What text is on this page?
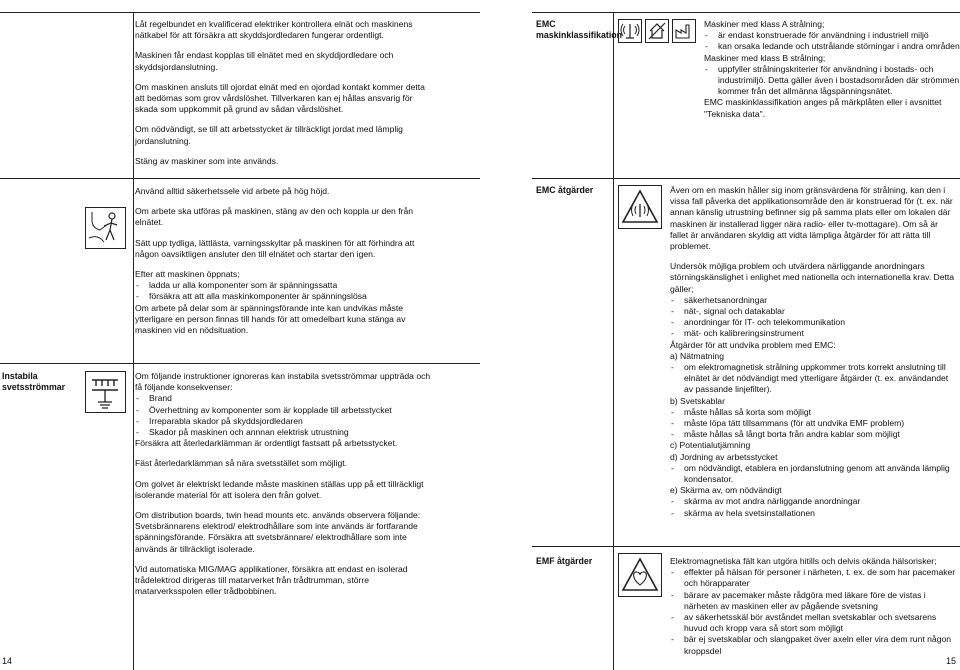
Låt regelbundet en kvalificerad elektriker kontrollera elnät och maskinens nätkabel för att försäkra att skyddsjordledaren fungerar ordentligt.

Maskinen får endast kopplas till elnätet med en skyddjordledare och skyddsjordanslutning.

Om maskinen ansluts till ojordat elnät med en ojordad kontakt kommer detta att bedömas som grov vårdslöshet. Tillverkaren kan ej hållas ansvarig för skada som uppkommit på grund av sådan vårdslöshet.

Om nödvändigt, se till att arbetsstycket är tillräckligt jordat med lämplig jordanslutning.

Stäng av maskiner som inte används.

Använd alltid säkerhetssele vid arbete på hög höjd.

Om arbete ska utföras på maskinen, stäng av den och koppla ur den från elnätet.

Sätt upp tydliga, lättlästa, varningsskyltar på maskinen för att förhindra att någon oavsiktligen ansluter den till elnätet och startar den igen.

Efter att maskinen öppnats;

- ladda ur alla komponenter som är spänningssatta
- försäkra att att alla maskinkomponenter är spänningslösa

Om arbete på delar som är spänningsförande inte kan undvikas måste ytterligare en person finnas till hands för att omedelbart kuna stänga av maskinen vid en nödsituation.

Instabila svetsströmmar

Om följande instruktioner ignoreras kan instabila svetsströmmar uppträda och få följande konsekvenser:

- Brand
- Överhettning av komponenter som är kopplade till arbetsstycket
- Irreparabla skador på skyddsjordledaren
- Skador på maskinen och annnan elektrisk utrustning

Försäkra att återledarklämman är ordentligt fastsatt på arbetsstycket.

Fäst återledarklämman så nära svetsstället som möjligt.

Om golvet är elektriskt ledande måste maskinen ställas upp på ett tillräckligt isolerande material för att isolera den från golvet.

Om distribution boards, twin head mounts etc. används observera följande: Svetsbrännarens elektrod/ elektrodhållare som inte används är fortfarande spänningsförande. Försäkra att svetsbrännare/ elektrodhållare som inte används är tillräckligt isolerade.

Vid automatiska MIG/MAG applikationer, försäkra att endast en isolerad trådelektrod dirigeras till matarverket från trådtrumman, större matarverksspolen eller trådbobbinen.

14
EMC maskinklassifikation

Maskiner med klass A strålning;

- är endast konstruerade för användning i industriell miljö
- kan orsaka ledande och utstrålande störningar i andra områden

Maskiner med klass B strålning;

- uppfyller strålningskriterier för användning i bostads- och industrimiljö. Detta gäller även i bostadsområden där strömmen kommer från det allmänna lågspänningsnätet.

EMC maskinklassifikation anges på märkplåten eller i avsnittet "Tekniska data".

EMC åtgärder	Även om en maskin håller sig inom gränsvärdena för strålning, kan den i vissa fall påverka det applikationsområde den är konstruerad för (t. ex. när annan känslig utrustning befinner sig på samma plats eller om lokalen där maskinen är installerad ligger nära radio- eller tv-mottagare). Om så är fallet är användaren skyldig att vidta lämpliga åtgärder för att rätta till problemet.

Undersök möjliga problem och utvärdera närliggande anordningars störningskänslighet i enlighet med nationella och internationella krav. Detta gäller;

- säkerhetsanordningar
- nät-, signal och datakablar
- anordningar för IT- och telekommunikation
- mät- och kalibreringsinstrument

Åtgärder för att undvika problem med EMC:

a) Nätmatning
- om elektromagnetisk strålning uppkommer trots korrekt anslutning till elnätet är det nödvändigt med ytterligare åtgärder (t. ex. användandet av passande linjefilter).
b) Svetskablar
- måste hållas så korta som möjligt
- måste löpa tätt tillsammans (för att undvika EMF problem)
- måste hållas så långt borta från andra kablar som möjligt
c) Potentialutjämning
d) Jordning av arbetsstycket
- om nödvändigt, etablera en jordanslutning genom att använda lämplig kondensator.
e) Skärma av, om nödvändigt
- skärma av mot andra närliggande anordningar
- skärma av hela svetsinstallationen
EMF åtgärder	Elektromagnetiska fält kan utgöra hitills och delvis okända hälsorisker;

- effekter på hälsan för personer i närheten, t. ex. de som har pacemaker och hörapparater
- bärare av pacemaker måste rådgöra med läkare före de vistas i närheten av maskinen eller av pågående svetsning
- av säkerhetsskäl bör avståndet mellan svetskablar och svetsarens huvud och kropp vara så stort som möjligt
- bär ej svetskablar och slangpaket över axeln eller vira dem runt någon kroppsdel
15
